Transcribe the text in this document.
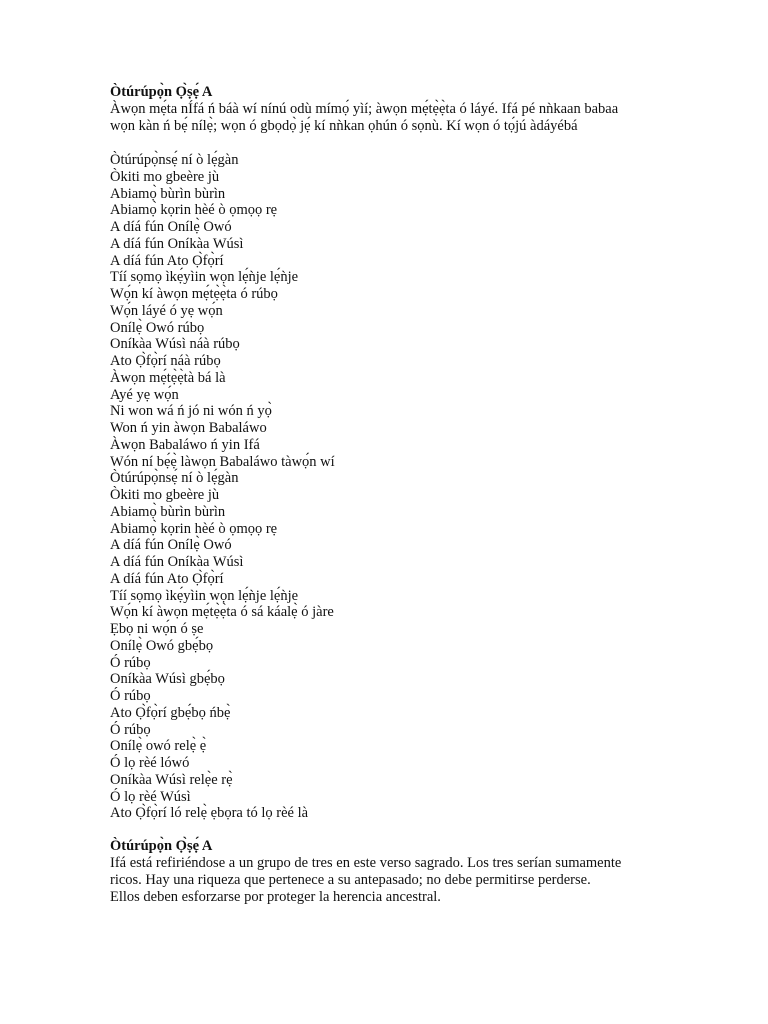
Òtúrúpọ̀n Ọ̀ṣẹ́ A

Àwọn mẹ́ta nÍfá ń báà wí nínú odù mímọ́ yìí; àwọn mẹ́tẹ̀ẹ̀ta ó láyé. Ifá pé nǹkaan babaa

wọn kàn ń bẹ́ nílẹ̀; wọn ó gbọdọ̀ jẹ́ kí nǹkan ọhún ó sọnù. Kí wọn ó tọ́jú àdáyébá

Òtúrúpọ̀nsẹ́ ní ò lẹ́gàn

Òkiti mo gbeère jù

Abiamọ̀ bùrìn bùrìn

Abiamọ̀ kọrin hèé ò ọmọọ rẹ

A díá fún Onílẹ̀ Owó

A díá fún Oníkàa Wúsì

A díá fún Ato Ọ̀fọ̀rí

Tíí sọmọ ìkẹ́yìin wọn lẹ́ǹje lẹ́ǹje

Wọ́n kí àwọn mẹ́tẹ̀ẹ̀ta ó rúbọ

Wọ́n láyé ó yẹ wọ́n

Onílẹ̀ Owó rúbọ

Oníkàa Wúsì náà rúbọ

Ato Ọ̀fọ̀rí náà rúbọ

Àwọn mẹ́tẹ̀ẹ̀tà bá là

Ayé yẹ wọ́n

Ni won wá ń jó ni wón ń yọ̀

Won ń yin àwọn Babaláwo

Àwọn Babaláwo ń yin Ifá

Wón ní bẹ́ẹ̀ làwọn Babaláwo tàwọ́n wí

Òtúrúpọ̀nsẹ́ ní ò lẹ́gàn

Òkiti mo gbeère jù

Abiamọ̀ bùrìn bùrìn

Abiamọ̀ kọrin hèé ò ọmọọ rẹ

A díá fún Onílẹ̀ Owó

A díá fún Oníkàa Wúsì

A díá fún Ato Ọ̀fọ̀rí

Tíí sọmọ ìkẹ́yìin wọn lẹ́ǹje lẹ́ǹje

Wọ́n kí àwọn mẹ́tẹ̀ẹ̀ta ó sá káalẹ̀ ó jàre

Ẹbọ ni wọ́n ó ṣe

Onílẹ̀ Owó gbẹ́bọ

Ó rúbọ

Oníkàa Wúsì gbẹ́bọ

Ó rúbọ

Ato Ọ̀fọ̀rí gbẹ́bọ ńbẹ̀

Ó rúbọ

Onílẹ̀ owó relẹ̀ ẹ̀

Ó lọ rèé lówó

Oníkàa Wúsì relẹ̀e rẹ̀

Ó lọ rèé Wúsì

Ato Ọ̀fọ̀rí ló relẹ̀ ẹbọra tó lọ rèé là

Òtúrúpọ̀n Ọ̀ṣẹ́ A

Ifá está refiriéndose a un grupo de tres en este verso sagrado. Los tres serían sumamente

ricos. Hay una riqueza que pertenece a su antepasado; no debe permitirse perderse.

Ellos deben esforzarse por proteger la herencia ancestral.
